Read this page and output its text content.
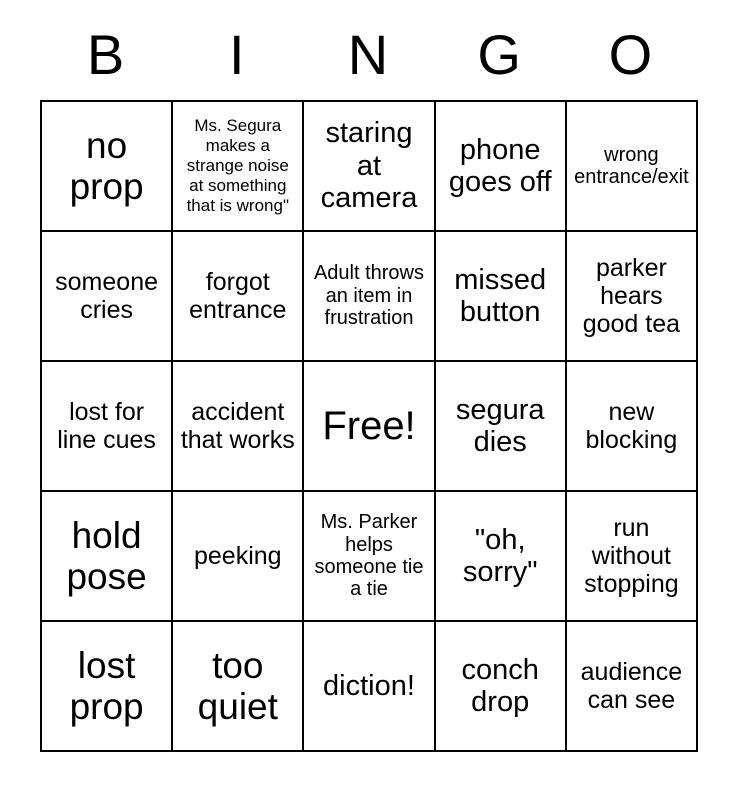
B I N G O
no prop
Ms. Segura makes a strange noise at something that is wrong"
staring at camera
phone goes off
wrong entrance/exit
someone cries
forgot entrance
Adult throws an item in frustration
missed button
parker hears good tea
lost for line cues
accident that works Free!	segura dies
new blocking
hold pose	peeking
Ms. Parker helps someone tie a tie
"oh, sorry"
run without stopping
lost prop
too quiet
diction!
conch drop
audience can see
